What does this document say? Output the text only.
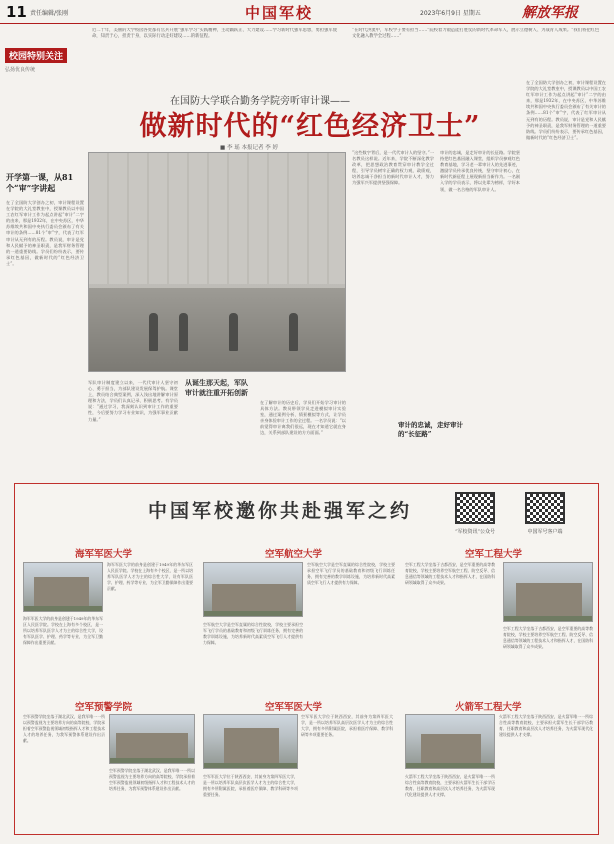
11 责任编辑/张刚	中国军校	2023年6月9日 星期五	解放军报

近二十年，美丽的大学校园各处都有官兵开展“强军学习”实践精神，主动踊跃正、大力建设……学习新时代强军思想，勇担强军使命，知责于心，担责于身，以实际行动走好建设……的新征程。

“在时代洪流中，军校学子要有担当……”院校着力锻造能打胜仗的新时代革命军人，展示立德树人、为战育人成果。“我们将把红色文化融入教学全过程……”

校园特别关注
弘扬优良传统
在国防大学联合勤务学院旁听审计课——
做新时代的“红色经济卫士”
■ 李 瑶 本报记者 李 婷
开学第一课，从81个“审”字讲起
在了全国防大学创办之初，审计课程设置在学院的大礼堂教室中，授课教员以中国工农红军审计工作为起点讲起“审计”二字的由来，那是1932年，在中央苏区，中华苏维埃共和国中央执行委员会颁布了有关审计的条例……81个“审”字，代表了红军审计从无到有的历程。教员说，审计是党和人民赋予的神圣职责，是我军财务管理的一道重要防线。学员们纷纷表示，要传承红色基因，做新时代的“红色经济卫士”。
从诞生那天起，军队
审计就注重开拓创新
军队审计制度建立以来，一代代审计人坚守初心、勇于担当，为部队建设发展保驾护航。课堂上，教员结合典型案例，深入浅出地讲解审计原理和方法，学员们认真记录、积极思考。有学员说：“通过学习，我深刻认识到审计工作的重要性，今后要努力学习专业知识，为强军事业贡献力量。”
在了解审计的历史后，学员们开始学习审计的具体方法。教员带领学员走进模拟审计实验室，通过案例分析、情景模拟等方式，让学员亲身体验审计工作的全过程。一名学员说：“以前觉得审计离我们很远，现在才知道它就在身边，关系到部队建设的方方面面。”
“这些数字背后，是一代代审计人的坚守。”一名教员这样说。近年来，学院不断深化教学改革，把思想政治教育贯穿审计教学全过程，引导学员树牢正确的权力观、政绩观，培养忠诚干净担当的新时代审计人才，努力为强军兴军提供坚强保障。
审计的忠诚，走好审计的“长征路”
审计的忠诚，是走好审计的长征路。学院坚持把红色基因融入课堂，组织学员参观红色教育基地，学习老一辈审计人的先进事迹，激励学员传承优良传统，坚守审计初心，在新时代新征程上展现新担当新作为。一名刚入学的学员表示，将以先辈为榜样，学好本领，做一名合格的军队审计人。
在了全国防大学创办之初，审计课程设置在学院的大礼堂教室中，授课教员以中国工农红军审计工作为起点讲起“审计”二字的由来，那是1932年，在中央苏区，中华苏维埃共和国中央执行委员会颁布了有关审计的条例……81个“审”字，代表了红军审计从无到有的历程。教员说，审计是党和人民赋予的神圣职责，是我军财务管理的一道重要防线。学员们纷纷表示，要传承红色基因，做新时代的“红色经济卫士”。
中国军校邀你共赴强军之约
“军校资讯”公众号	中国军号客户端
海军军医大学
海军军医大学的前身是创建于1949年的华东军区人民医学院。学校在上海有多个校区，是一所以培养军队医学人才为主的综合性大学，设有军队医学、护理、药学等专业，为全军卫勤保障作出重要贡献。
海军军医大学的前身是创建于1949年的华东军区人民医学院。学校在上海有多个校区，是一所以培养军队医学人才为主的综合性大学，设有军队医学、护理、药学等专业，为全军卫勤保障作出重要贡献。
空军航空大学
空军航空大学是空军直属的综合性院校，学校主要承担空军飞行学员的基础教育和初级飞行训练任务，拥有完善的教学训练设施，为培养新时代高素质空军飞行人才提供有力保障。
空军航空大学是空军直属的综合性院校，学校主要承担空军飞行学员的基础教育和初级飞行训练任务，拥有完善的教学训练设施，为培养新时代高素质空军飞行人才提供有力保障。
空军工程大学
空军工程大学坐落于古都西安，是空军重要的高等教育院校，学校主要培养空军航空工程、防空反导、信息通信等领域的工程技术人才和指挥人才，在国防科研领域取得了众多成果。
空军工程大学坐落于古都西安，是空军重要的高等教育院校，学校主要培养空军航空工程、防空反导、信息通信等领域的工程技术人才和指挥人才，在国防科研领域取得了众多成果。
空军预警学院
空军预警学院坐落于湖北武汉，是我军唯一一所以预警监视为主要培养方向的高等院校，学院承担着空军预警监视领域初级指挥人才和工程技术人才的培养任务，为我军预警体系建设作出贡献。
空军预警学院坐落于湖北武汉，是我军唯一一所以预警监视为主要培养方向的高等院校，学院承担着空军预警监视领域初级指挥人才和工程技术人才的培养任务，为我军预警体系建设作出贡献。
空军军医大学
空军军医大学位于陕西西安，其前身为第四军医大学，是一所以培养军队高层次医学人才为主的综合性大学，拥有多所附属医院，承担着医疗保障、教学科研等多项重要任务。
空军军医大学位于陕西西安，其前身为第四军医大学，是一所以培养军队高层次医学人才为主的综合性大学，拥有多所附属医院，承担着医疗保障、教学科研等多项重要任务。
火箭军工程大学
火箭军工程大学坐落于陕西西安，是火箭军唯一一所综合性高等教育院校，主要承担火箭军生长干部学历教育、任职教育和高层次人才培养任务，为火箭军现代化建设提供人才支撑。
火箭军工程大学坐落于陕西西安，是火箭军唯一一所综合性高等教育院校，主要承担火箭军生长干部学历教育、任职教育和高层次人才培养任务，为火箭军现代化建设提供人才支撑。
